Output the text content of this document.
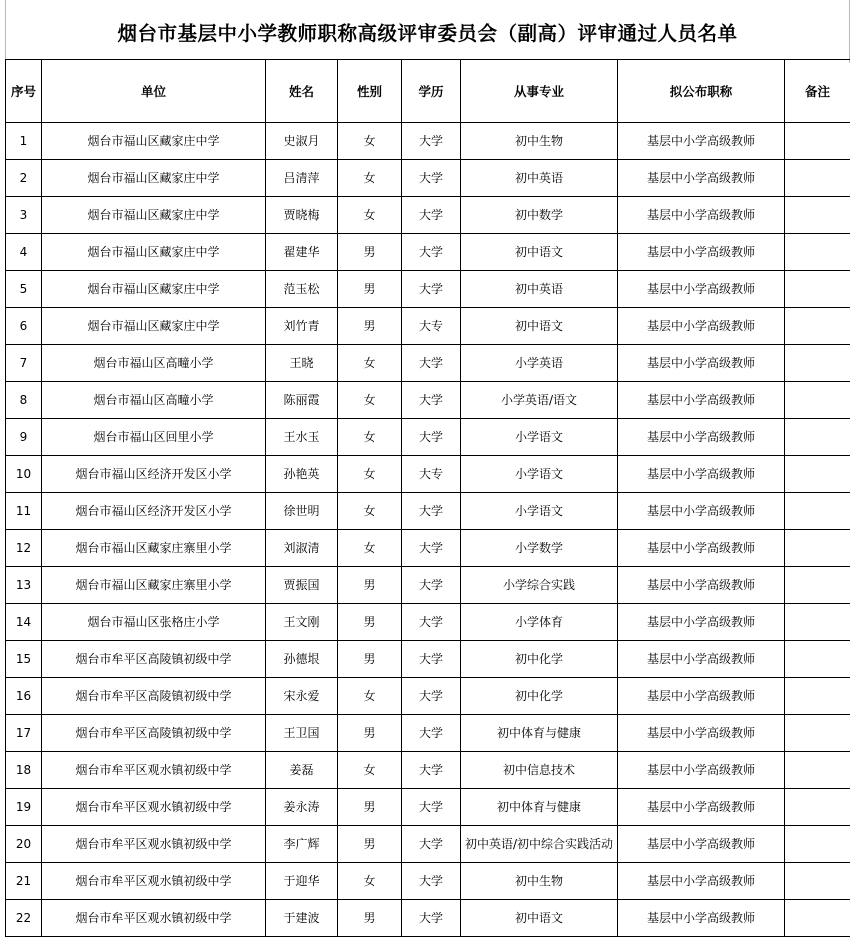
烟台市基层中小学教师职称高级评审委员会（副高）评审通过人员名单
序号	单位	姓名	性别	学历	从事专业	拟公布职称	备注
1	烟台市福山区藏家庄中学	史淑月	女	大学	初中生物	基层中小学高级教师	
2	烟台市福山区藏家庄中学	吕清萍	女	大学	初中英语	基层中小学高级教师	
3	烟台市福山区藏家庄中学	贾晓梅	女	大学	初中数学	基层中小学高级教师	
4	烟台市福山区藏家庄中学	翟建华	男	大学	初中语文	基层中小学高级教师	
5	烟台市福山区藏家庄中学	范玉松	男	大学	初中英语	基层中小学高级教师	
6	烟台市福山区藏家庄中学	刘竹青	男	大专	初中语文	基层中小学高级教师	
7	烟台市福山区高疃小学	王晓	女	大学	小学英语	基层中小学高级教师	
8	烟台市福山区高疃小学	陈丽霞	女	大学	小学英语/语文	基层中小学高级教师	
9	烟台市福山区回里小学	王水玉	女	大学	小学语文	基层中小学高级教师	
10	烟台市福山区经济开发区小学	孙艳英	女	大专	小学语文	基层中小学高级教师	
11	烟台市福山区经济开发区小学	徐世明	女	大学	小学语文	基层中小学高级教师	
12	烟台市福山区藏家庄寨里小学	刘淑清	女	大学	小学数学	基层中小学高级教师	
13	烟台市福山区藏家庄寨里小学	贾振国	男	大学	小学综合实践	基层中小学高级教师	
14	烟台市福山区张格庄小学	王文刚	男	大学	小学体育	基层中小学高级教师	
15	烟台市牟平区高陵镇初级中学	孙德垠	男	大学	初中化学	基层中小学高级教师	
16	烟台市牟平区高陵镇初级中学	宋永爱	女	大学	初中化学	基层中小学高级教师	
17	烟台市牟平区高陵镇初级中学	王卫国	男	大学	初中体育与健康	基层中小学高级教师	
18	烟台市牟平区观水镇初级中学	姜磊	女	大学	初中信息技术	基层中小学高级教师	
19	烟台市牟平区观水镇初级中学	姜永涛	男	大学	初中体育与健康	基层中小学高级教师	
20	烟台市牟平区观水镇初级中学	李广辉	男	大学	初中英语/初中综合实践活动	基层中小学高级教师	
21	烟台市牟平区观水镇初级中学	于迎华	女	大学	初中生物	基层中小学高级教师	
22	烟台市牟平区观水镇初级中学	于建波	男	大学	初中语文	基层中小学高级教师	
